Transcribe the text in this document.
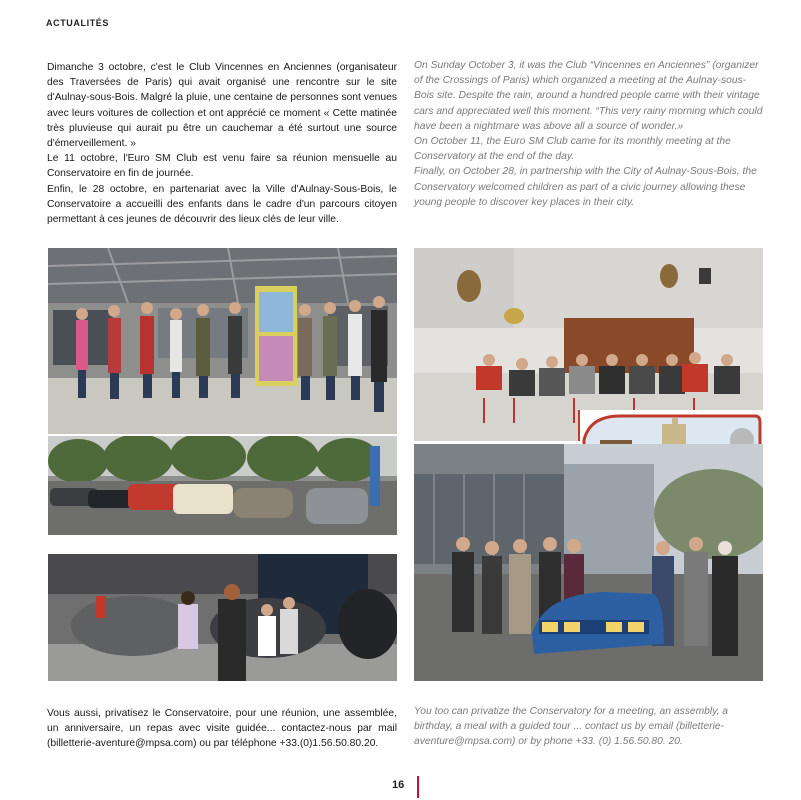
ACTUALITÉS

Dimanche 3 octobre, c'est le Club Vincennes en Anciennes (organisateur des Traversées de Paris) qui avait organisé une rencontre sur le site d'Aulnay-sous-Bois. Malgré la pluie, une centaine de personnes sont venues avec leurs voitures de collection et ont apprécié ce moment « Cette matinée très pluvieuse qui aurait pu être un cauchemar a été surtout une source d'émerveillement. »

Le 11 octobre, l'Euro SM Club est venu faire sa réunion mensuelle au Conservatoire en fin de journée.

Enfin, le 28 octobre, en partenariat avec la Ville d'Aulnay-Sous-Bois, le Conservatoire a accueilli des enfants dans le cadre d'un parcours citoyen permettant à ces jeunes de découvrir des lieux clés de leur ville.

On Sunday October 3, it was the Club “Vincennes en Anciennes” (organizer of the Crossings of Paris) which organized a meeting at the Aulnay-sous-Bois site. Despite the rain, around a hundred people came with their vintage cars and appreciated well this moment. “This very rainy morning which could have been a nightmare was above all a source of wonder.»

On October 11, the Euro SM Club came for its monthly meeting at the Conservatory at the end of the day.

Finally, on October 28, in partnership with the City of Aulnay-Sous-Bois, the Conservatory welcomed children as part of a civic journey allowing these young people to discover key places in their city.

Vous aussi, privatisez le Conservatoire, pour une réunion, une assemblée, un anniversaire, un repas avec visite guidée... contactez-nous par mail (billetterie-aventure@mpsa.com) ou par téléphone +33.(0)1.56.50.80.20.

You too can privatize the Conservatory for a meeting, an assembly, a birthday, a meal with a guided tour ... contact us by email (billetterie-aventure@mpsa.com) or by phone +33. (0) 1.56.50.80. 20.

16
